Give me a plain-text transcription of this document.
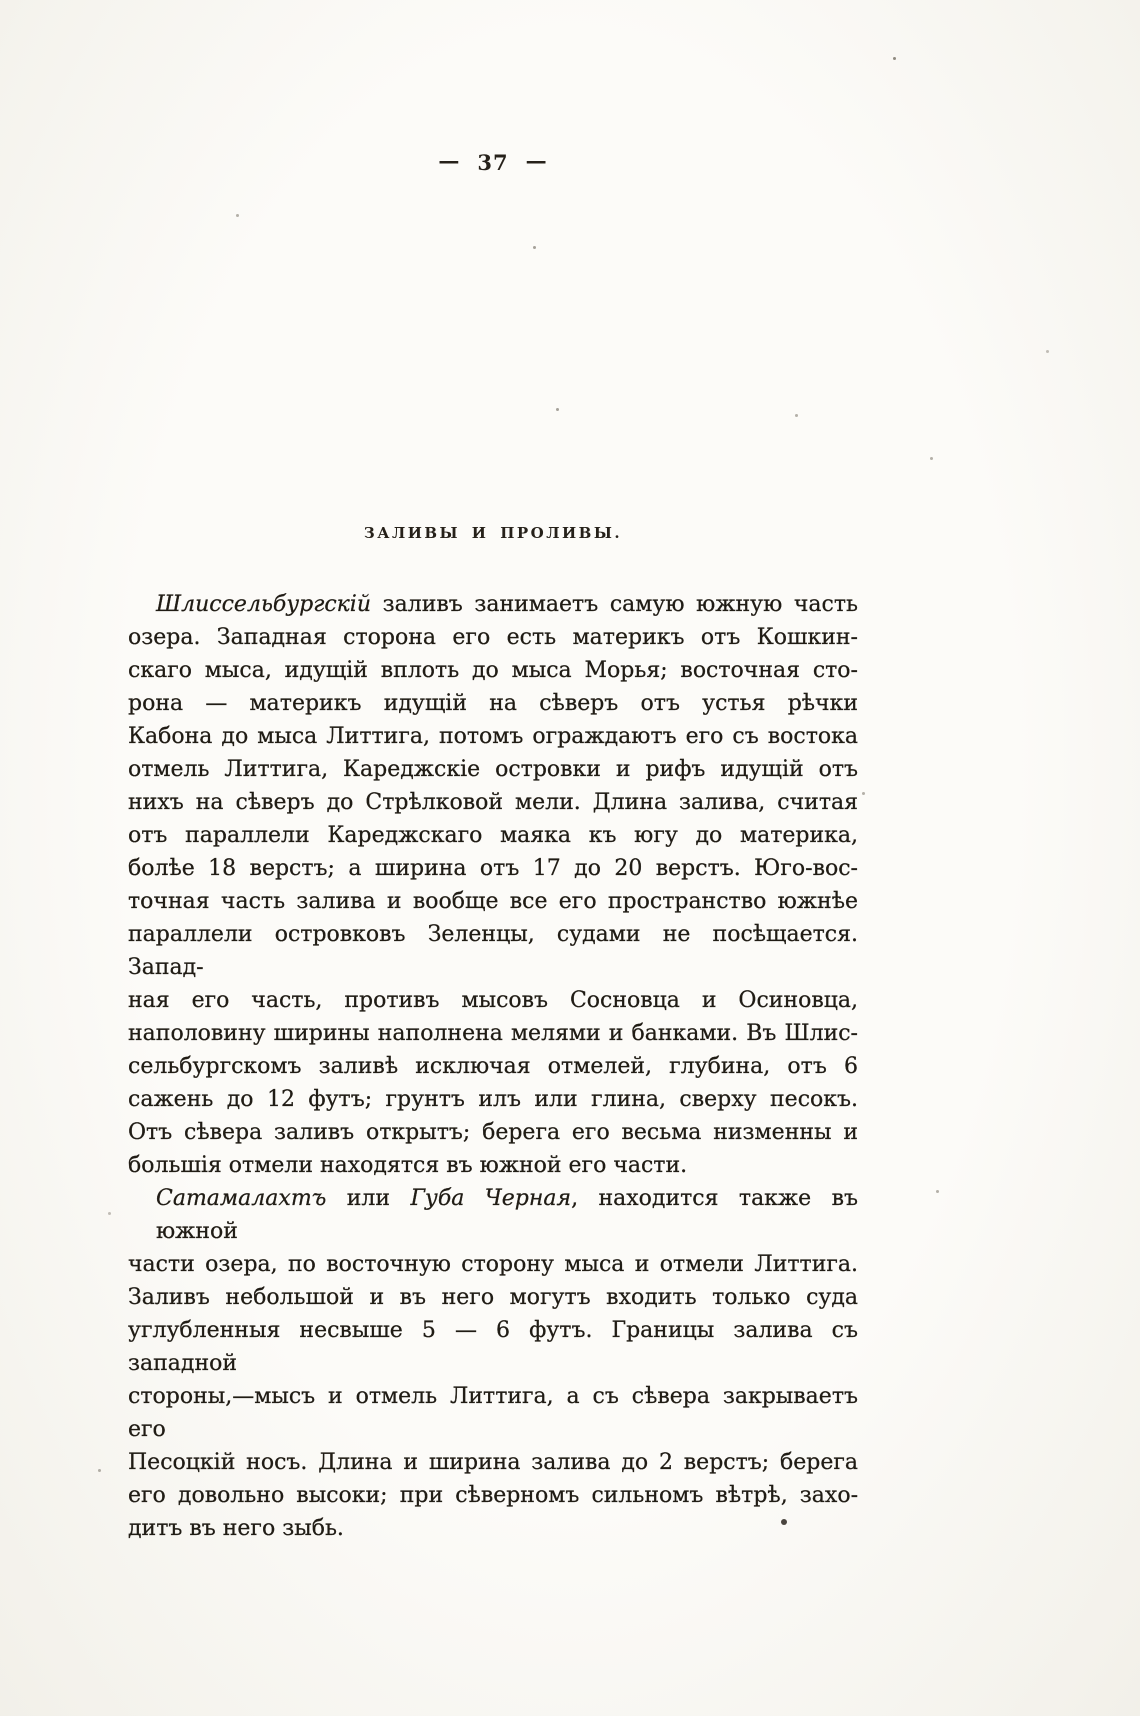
— 37 —
ЗАЛИВЫ И ПРОЛИВЫ.
Шлиссельбургскій заливъ занимаетъ самую южную часть
озера. Западная сторона его есть материкъ отъ Кошкин-
скаго мыса, идущій вплоть до мыса Морья; восточная сто-
рона — материкъ идущій на сѣверъ отъ устья рѣчки
Кабона до мыса Литтига, потомъ ограждаютъ его съ востока
отмель Литтига, Кареджскіе островки и рифъ идущій отъ
нихъ на сѣверъ до Стрѣлковой мели. Длина залива, считая
отъ параллели Кареджскаго маяка къ югу до материка,
болѣе 18 верстъ; а ширина отъ 17 до 20 верстъ. Юго-вос-
точная часть залива и вообще все его пространство южнѣе
параллели островковъ Зеленцы, судами не посѣщается. Запад-
ная его часть, противъ мысовъ Сосновца и Осиновца,
наполовину ширины наполнена мелями и банками. Въ Шлис-
сельбургскомъ заливѣ исключая отмелей, глубина, отъ 6
сажень до 12 футъ; грунтъ илъ или глина, сверху песокъ.
Отъ сѣвера заливъ открытъ; берега его весьма низменны и
большія отмели находятся въ южной его части.
Сатамалахтъ или Губа Черная, находится также въ южной
части озера, по восточную сторону мыса и отмели Литтига.
Заливъ небольшой и въ него могутъ входить только суда
углубленныя несвыше 5 — 6 футъ. Границы залива съ западной
стороны,—мысъ и отмель Литтига, а съ сѣвера закрываетъ его
Песоцкій носъ. Длина и ширина залива до 2 верстъ; берега
его довольно высоки; при сѣверномъ сильномъ вѣтрѣ, захо-
дитъ въ него зыбь.
